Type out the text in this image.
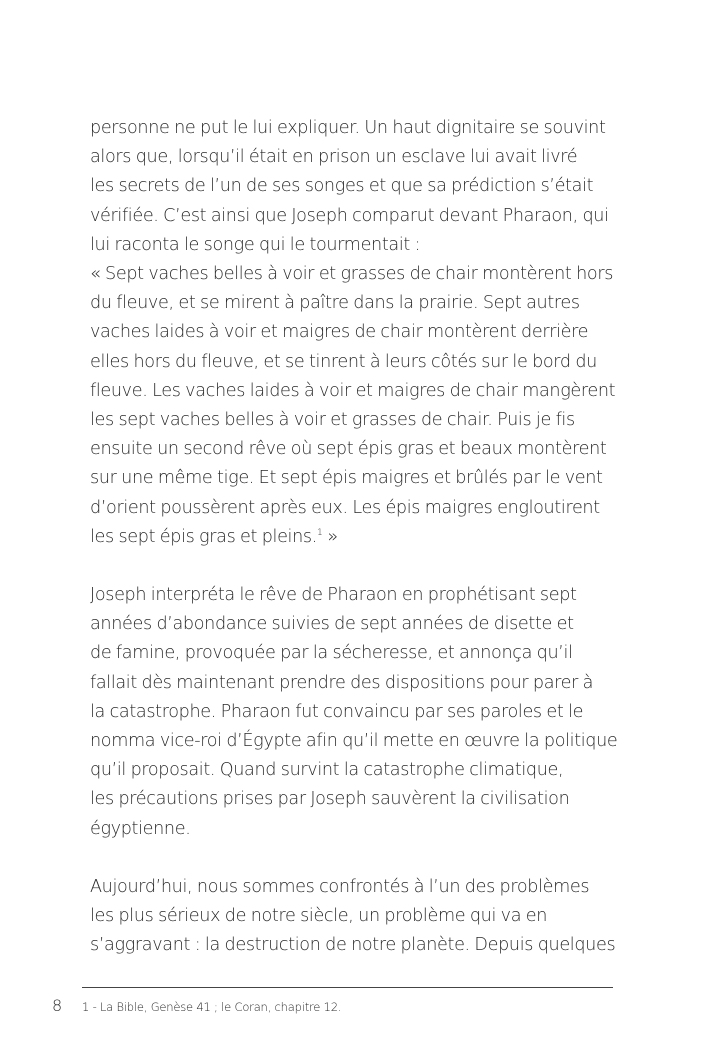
personne ne put le lui expliquer. Un haut dignitaire se souvint
alors que, lorsqu’il était en prison un esclave lui avait livré
les secrets de l’un de ses songes et que sa prédiction s’était
vérifiée. C’est ainsi que Joseph comparut devant Pharaon, qui
lui raconta le songe qui le tourmentait :
« Sept vaches belles à voir et grasses de chair montèrent hors
du fleuve, et se mirent à paître dans la prairie. Sept autres
vaches laides à voir et maigres de chair montèrent derrière
elles hors du fleuve, et se tinrent à leurs côtés sur le bord du
fleuve. Les vaches laides à voir et maigres de chair mangèrent
les sept vaches belles à voir et grasses de chair. Puis je fis
ensuite un second rêve où sept épis gras et beaux montèrent
sur une même tige. Et sept épis maigres et brûlés par le vent
d’orient poussèrent après eux. Les épis maigres engloutirent
les sept épis gras et pleins.$^1$ »

Joseph interpréta le rêve de Pharaon en prophétisant sept
années d’abondance suivies de sept années de disette et
de famine, provoquée par la sécheresse, et annonça qu’il
fallait dès maintenant prendre des dispositions pour parer à
la catastrophe. Pharaon fut convaincu par ses paroles et le
nomma vice-roi d’Égypte afin qu’il mette en œuvre la politique
qu’il proposait. Quand survint la catastrophe climatique,
les précautions prises par Joseph sauvèrent la civilisation
égyptienne.

Aujourd’hui, nous sommes confrontés à l’un des problèmes
les plus sérieux de notre siècle, un problème qui va en
s’aggravant : la destruction de notre planète. Depuis quelques

8 1 - La Bible, Genèse 41 ; le Coran, chapitre 12.
